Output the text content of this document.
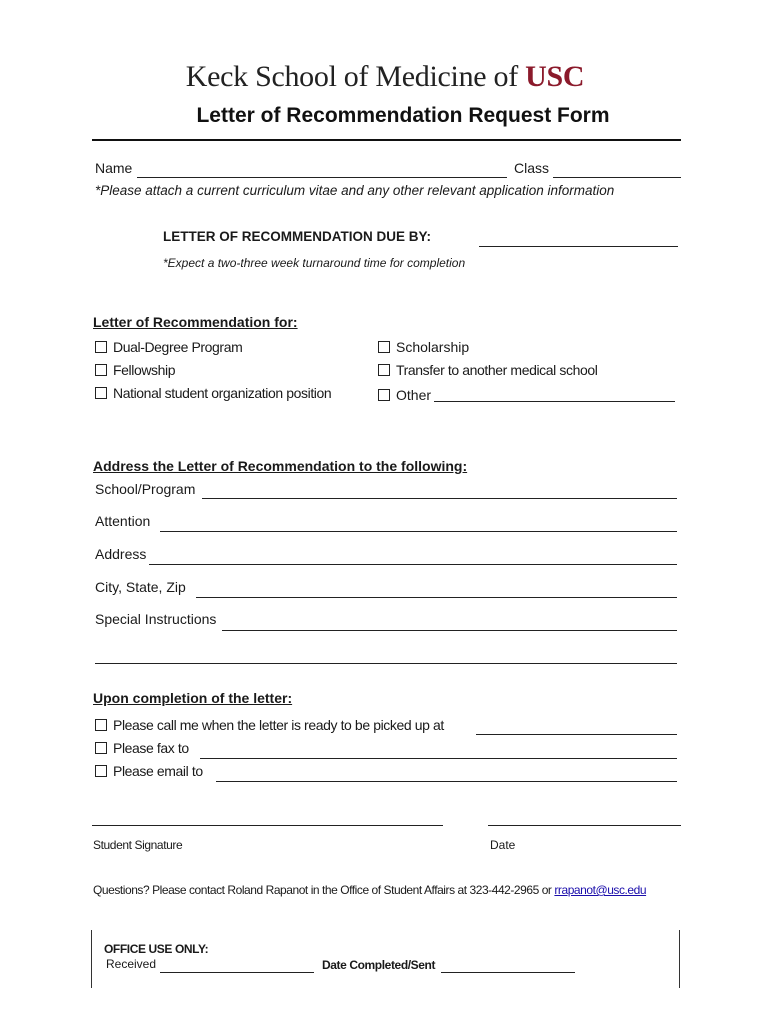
Keck School of Medicine of USC
Letter of Recommendation Request Form
Name	Class
*Please attach a current curriculum vitae and any other relevant application information
LETTER OF RECOMMENDATION DUE BY:
*Expect a two-three week turnaround time for completion
Letter of Recommendation for:
Dual-Degree Program
Fellowship
National student organization position
Scholarship
Transfer to another medical school
Other
Address the Letter of Recommendation to the following:
School/Program
Attention
Address
City, State, Zip
Special Instructions
Upon completion of the letter:
Please call me when the letter is ready to be picked up at
Please fax to
Please email to
Student Signature	Date
Questions? Please contact Roland Rapanot in the Office of Student Affairs at 323-442-2965 or rrapanot@usc.edu
OFFICE USE ONLY:
Received	Date Completed/Sent
